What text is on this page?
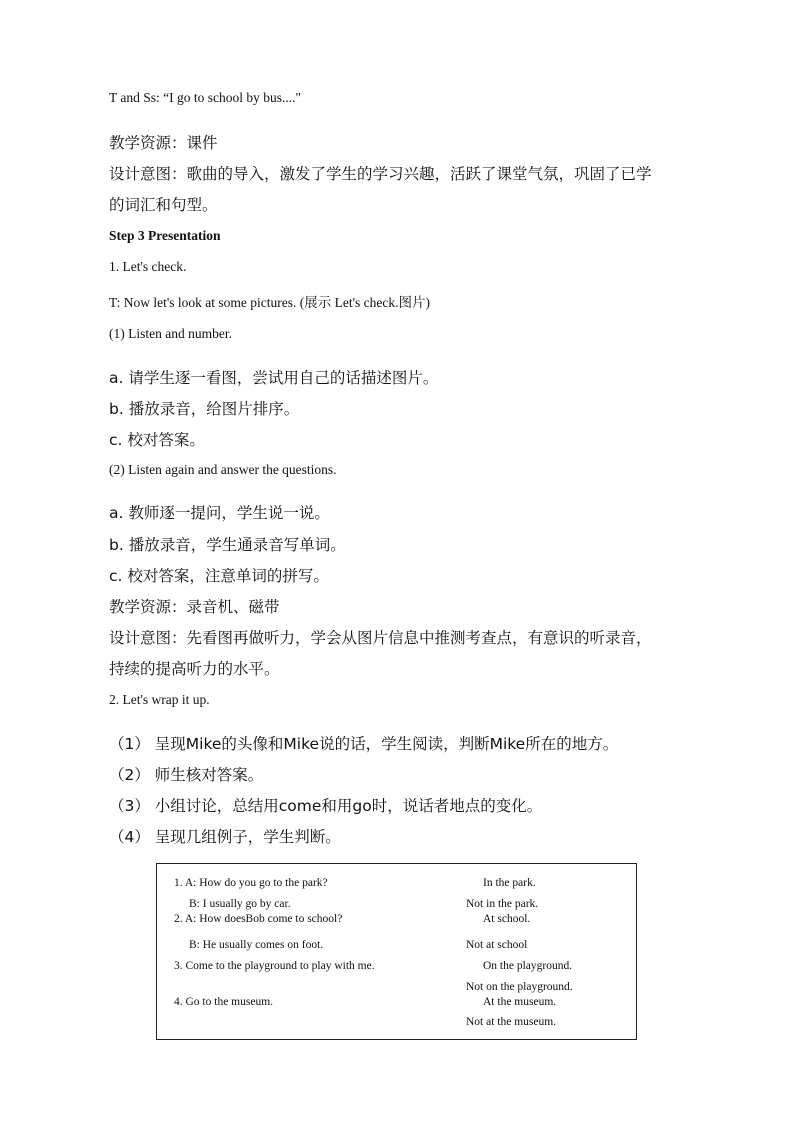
T and Ss: “I go to school by bus...."
教学资源：课件
设计意图：歌曲的导入，激发了学生的学习兴趣，活跃了课堂气氛，巩固了已学
的词汇和句型。
Step 3 Presentation
1. Let's check.
T: Now let's look at some pictures. (展示 Let's check.图片)
(1) Listen and number.
a. 请学生逐一看图，尝试用自己的话描述图片。
b. 播放录音，给图片排序。
c. 校对答案。
(2) Listen again and answer the questions.
a. 教师逐一提问，学生说一说。
b. 播放录音，学生通录音写单词。
c. 校对答案，注意单词的拼写。
教学资源：录音机、磁带
设计意图：先看图再做听力，学会从图片信息中推测考查点，有意识的听录音，
持续的提高听力的水平。
2. Let's wrap it up.
（1） 呈现Mike的头像和Mike说的话，学生阅读，判断Mike所在的地方。
（2） 师生核对答案。
（3） 小组讨论，总结用come和用go时，说话者地点的变化。
（4） 呈现几组例子，学生判断。
1. A: How do you go to the park?
B: I usually go by car.
2. A: How doesBob come to school?
B: He usually comes on foot.
3. Come to the playground to play with me.
4. Go to the museum.
In the park.
Not in the park.
At school.
Not at school
On the playground.
Not on the playground.
At the museum.
Not at the museum.
